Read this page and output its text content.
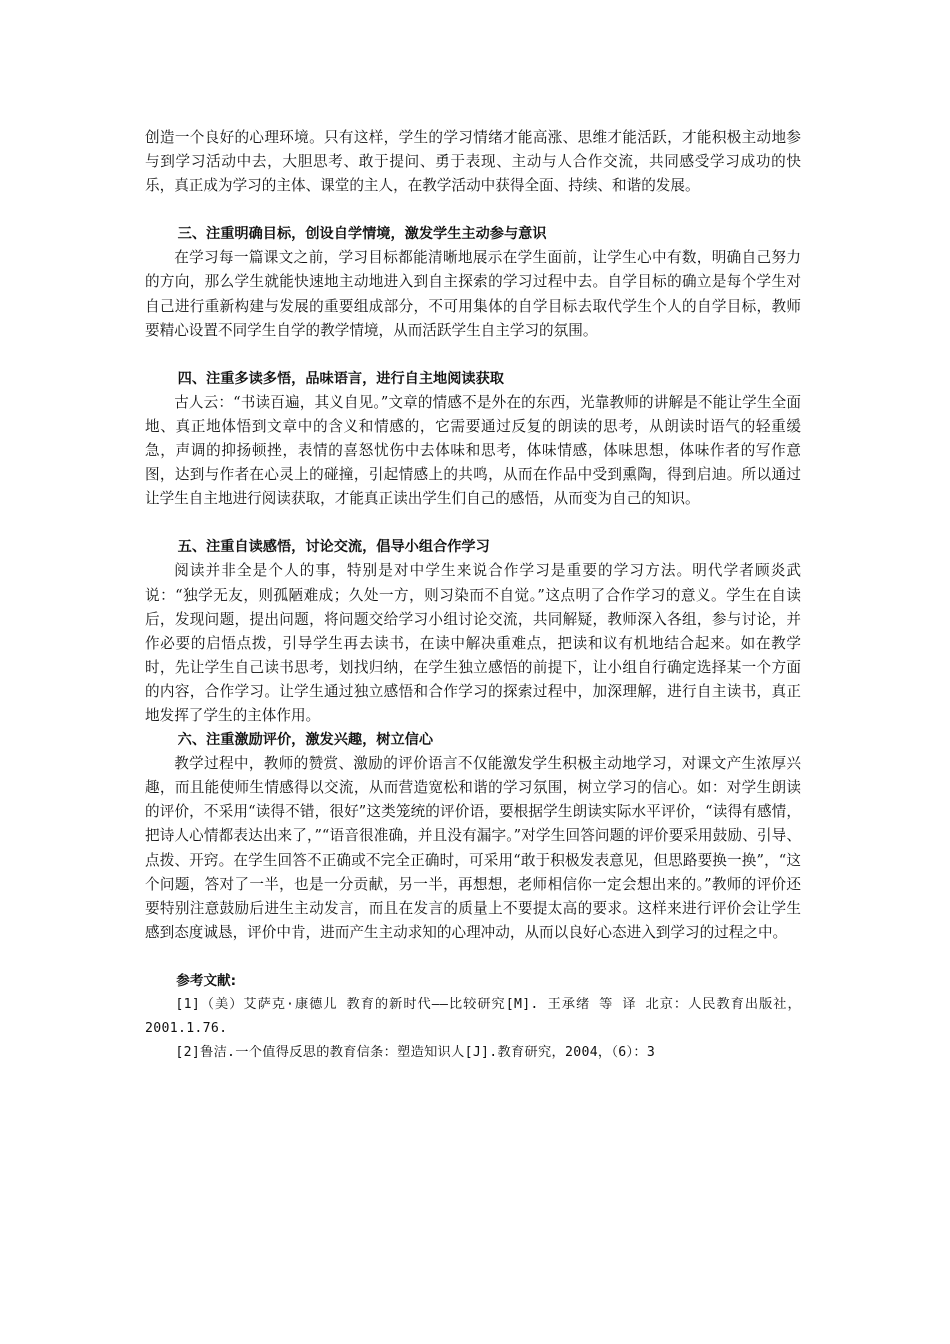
创造一个良好的心理环境。只有这样，学生的学习情绪才能高涨、思维才能活跃，才能积极主动地参与到学习活动中去，大胆思考、敢于提问、勇于表现、主动与人合作交流，共同感受学习成功的快乐，真正成为学习的主体、课堂的主人，在教学活动中获得全面、持续、和谐的发展。

三、注重明确目标，创设自学情境，激发学生主动参与意识

在学习每一篇课文之前，学习目标都能清晰地展示在学生面前，让学生心中有数，明确自己努力的方向，那么学生就能快速地主动地进入到自主探索的学习过程中去。自学目标的确立是每个学生对自己进行重新构建与发展的重要组成部分，不可用集体的自学目标去取代学生个人的自学目标，教师要精心设置不同学生自学的教学情境，从而活跃学生自主学习的氛围。

四、注重多读多悟，品味语言，进行自主地阅读获取

古人云：“书读百遍，其义自见。”文章的情感不是外在的东西，光靠教师的讲解是不能让学生全面地、真正地体悟到文章中的含义和情感的，它需要通过反复的朗读的思考，从朗读时语气的轻重缓急，声调的抑扬顿挫，表情的喜怒忧伤中去体味和思考，体味情感，体味思想，体味作者的写作意图，达到与作者在心灵上的碰撞，引起情感上的共鸣，从而在作品中受到熏陶，得到启迪。所以通过让学生自主地进行阅读获取，才能真正读出学生们自己的感悟，从而变为自己的知识。

五、注重自读感悟，讨论交流，倡导小组合作学习

阅读并非全是个人的事，特别是对中学生来说合作学习是重要的学习方法。明代学者顾炎武说：“独学无友，则孤陋难成；久处一方，则习染而不自觉。”这点明了合作学习的意义。学生在自读后，发现问题，提出问题，将问题交给学习小组讨论交流，共同解疑，教师深入各组，参与讨论，并作必要的启悟点拨，引导学生再去读书，在读中解决重难点，把读和议有机地结合起来。如在教学时，先让学生自己读书思考，划找归纳，在学生独立感悟的前提下，让小组自行确定选择某一个方面的内容，合作学习。让学生通过独立感悟和合作学习的探索过程中，加深理解，进行自主读书，真正地发挥了学生的主体作用。

六、注重激励评价，激发兴趣，树立信心

教学过程中，教师的赞赏、激励的评价语言不仅能激发学生积极主动地学习，对课文产生浓厚兴趣，而且能使师生情感得以交流，从而营造宽松和谐的学习氛围，树立学习的信心。如：对学生朗读的评价，不采用“读得不错，很好”这类笼统的评价语，要根据学生朗读实际水平评价，“读得有感情，把诗人心情都表达出来了，”“语音很准确，并且没有漏字。”对学生回答问题的评价要采用鼓励、引导、点拨、开窍。在学生回答不正确或不完全正确时，可采用“敢于积极发表意见，但思路要换一换”，“这个问题，答对了一半，也是一分贡献，另一半，再想想，老师相信你一定会想出来的。”教师的评价还要特别注意鼓励后进生主动发言，而且在发言的质量上不要提太高的要求。这样来进行评价会让学生感到态度诚恳，评价中肯，进而产生主动求知的心理冲动，从而以良好心态进入到学习的过程之中。

参考文献:

[1]（美）艾萨克·康德儿 教育的新时代——比较研究[M]. 王承绪 等 译 北京：人民教育出版社，2001.1.76.

[2]鲁洁.一个值得反思的教育信条：塑造知识人[J].教育研究，2004，（6）：3
